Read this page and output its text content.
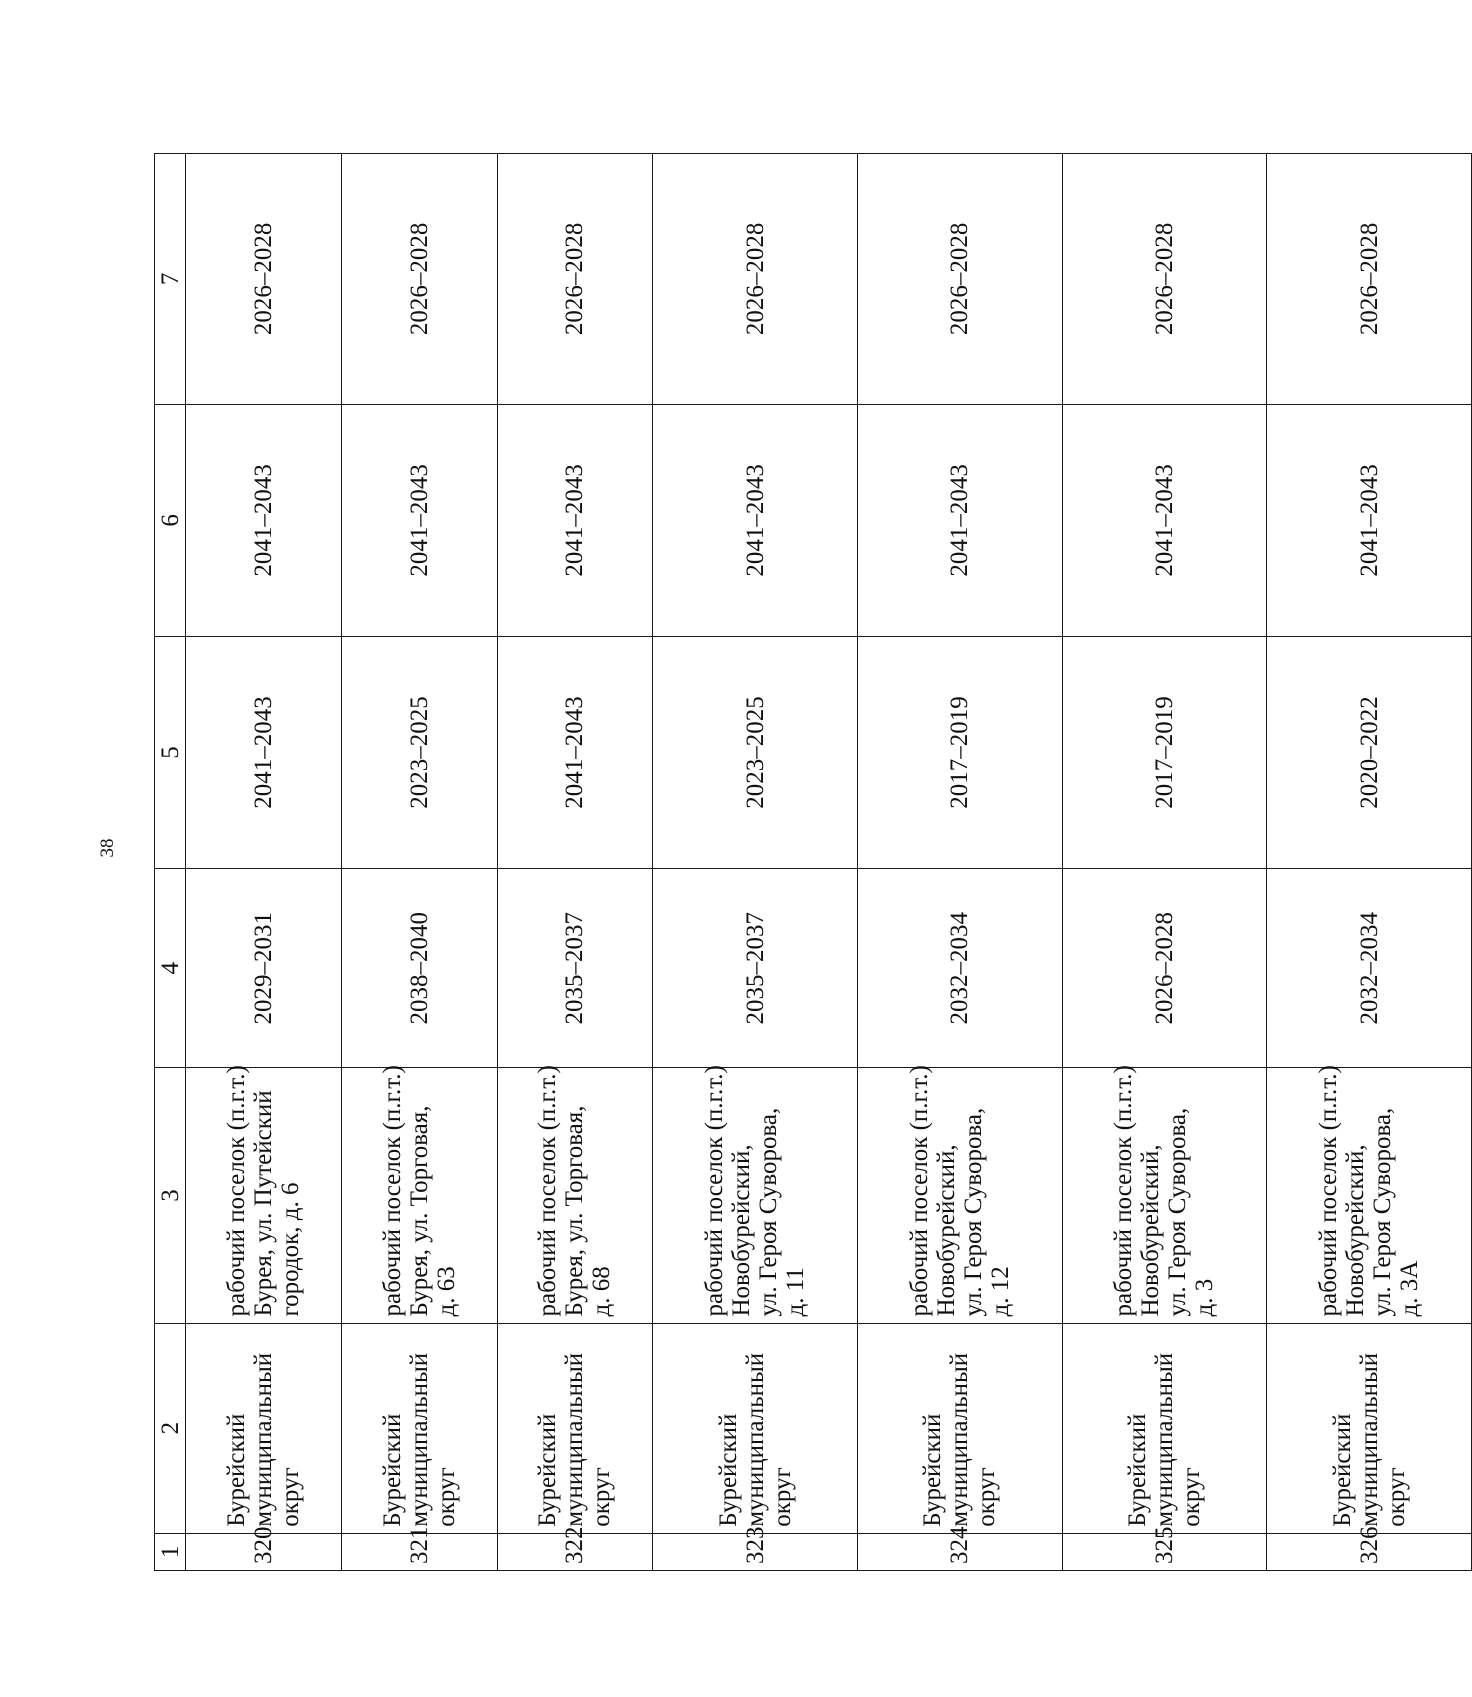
38
1	2	3	4	5	6	7
320	Бурейский муниципальный округ	рабочий поселок (п.г.т.) Бурея, ул. Путейский городок, д. 6	2029–2031	2041–2043	2041–2043	2026–2028
321	Бурейский муниципальный округ	рабочий поселок (п.г.т.) Бурея, ул. Торговая, д. 63	2038–2040	2023–2025	2041–2043	2026–2028
322	Бурейский муниципальный округ	рабочий поселок (п.г.т.) Бурея, ул. Торговая, д. 68	2035–2037	2041–2043	2041–2043	2026–2028
323	Бурейский муниципальный округ	рабочий поселок (п.г.т.) Новобурейский, ул. Героя Суворова, д. 11	2035–2037	2023–2025	2041–2043	2026–2028
324	Бурейский муниципальный округ	рабочий поселок (п.г.т.) Новобурейский, ул. Героя Суворова, д. 12	2032–2034	2017–2019	2041–2043	2026–2028
325	Бурейский муниципальный округ	рабочий поселок (п.г.т.) Новобурейский, ул. Героя Суворова, д. 3	2026–2028	2017–2019	2041–2043	2026–2028
326	Бурейский муниципальный округ	рабочий поселок (п.г.т.) Новобурейский, ул. Героя Суворова, д. 3А	2032–2034	2020–2022	2041–2043	2026–2028
